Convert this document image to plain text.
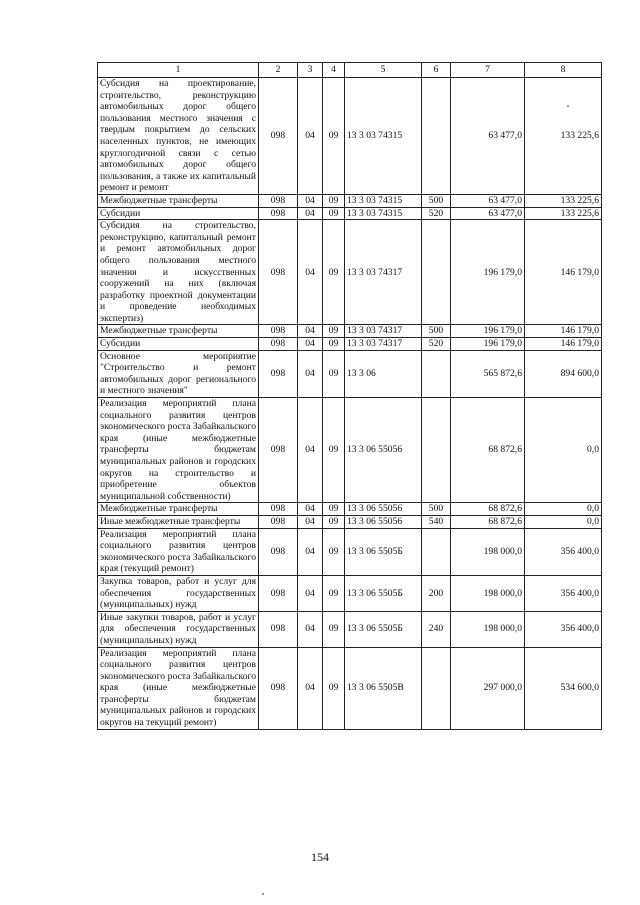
1	2	3	4	5	6	7	8
Субсидия на проектирование, строительство, реконструкцию автомобильных дорог общего пользования местного значения с твердым покрытием до сельских населенных пунктов, не имеющих круглогодичной связи с сетью автомобильных дорог общего пользования, а также их капитальный ремонт и ремонт	098	04	09	13 3 03 74315		63 477,0	133 225,6
Межбюджетные трансферты	098	04	09	13 3 03 74315	500	63 477,0	133 225,6
Субсидии	098	04	09	13 3 03 74315	520	63 477,0	133 225,6
Субсидия на строительство, реконструкцию, капитальный ремонт и ремонт автомобильных дорог общего пользования местного значения и искусственных сооружений на них (включая разработку проектной документации и проведение необходимых экспертиз)	098	04	09	13 3 03 74317		196 179,0	146 179,0
Межбюджетные трансферты	098	04	09	13 3 03 74317	500	196 179,0	146 179,0
Субсидии	098	04	09	13 3 03 74317	520	196 179,0	146 179,0
Основное мероприятие "Строительство и ремонт автомобильных дорог регионального и местного значения"	098	04	09	13 3 06		565 872,6	894 600,0
Реализация мероприятий плана социального развития центров экономического роста Забайкальского края (иные межбюджетные трансферты бюджетам муниципальных районов и городских округов на строительство и приобретение объектов муниципальной собственности)	098	04	09	13 3 06 55056		68 872,6	0,0
Межбюджетные трансферты	098	04	09	13 3 06 55056	500	68 872,6	0,0
Иные межбюджетные трансферты	098	04	09	13 3 06 55056	540	68 872,6	0,0
Реализация мероприятий плана социального развития центров экономического роста Забайкальского края (текущий ремонт)	098	04	09	13 3 06 5505Б		198 000,0	356 400,0
Закупка товаров, работ и услуг для обеспечения государственных (муниципальных) нужд	098	04	09	13 3 06 5505Б	200	198 000,0	356 400,0
Иные закупки товаров, работ и услуг для обеспечения государственных (муниципальных) нужд	098	04	09	13 3 06 5505Б	240	198 000,0	356 400,0
Реализация мероприятий плана социального развития центров экономического роста Забайкальского края (иные межбюджетные трансферты бюджетам муниципальных районов и городских округов на текущий ремонт)	098	04	09	13 3 06 5505В		297 000,0	534 600,0
154
